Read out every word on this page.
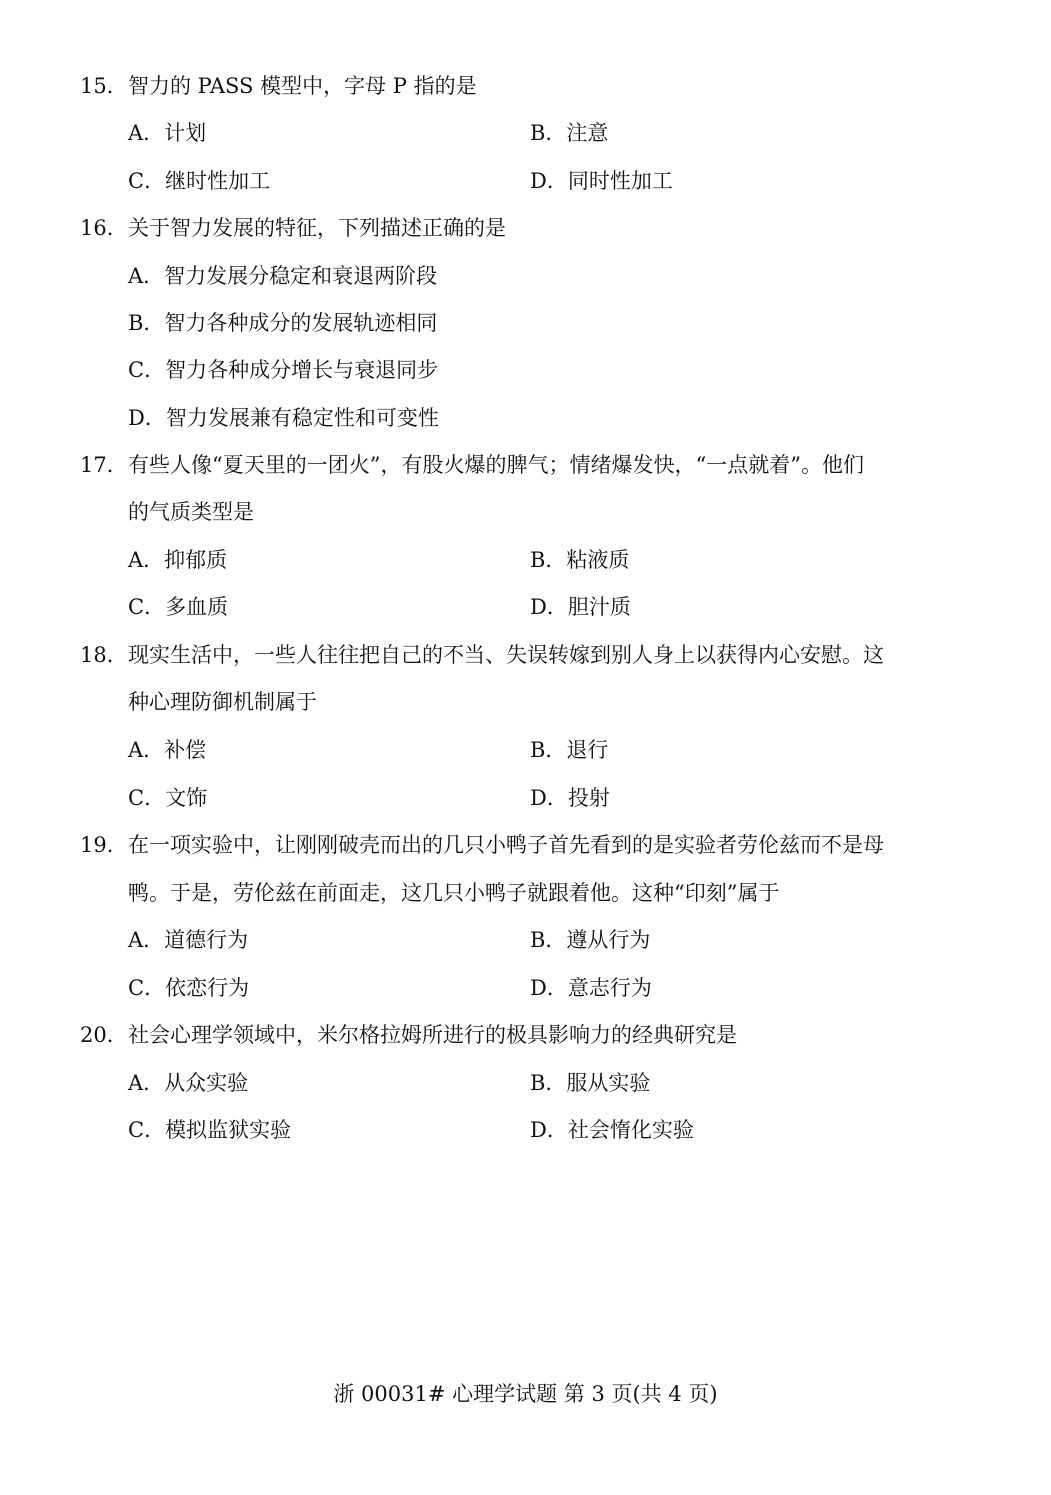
15． 智力的 PASS 模型中，字母 P 指的是
A．计划	B．注意
C．继时性加工	D．同时性加工
16． 关于智力发展的特征，下列描述正确的是
A．智力发展分稳定和衰退两阶段
B．智力各种成分的发展轨迹相同
C．智力各种成分增长与衰退同步
D．智力发展兼有稳定性和可变性
17． 有些人像“夏天里的一团火”，有股火爆的脾气；情绪爆发快，“一点就着”。他们
的气质类型是
A．抑郁质	B．粘液质
C．多血质	D．胆汁质
18． 现实生活中，一些人往往把自己的不当、失误转嫁到别人身上以获得内心安慰。这
种心理防御机制属于
A．补偿	B．退行
C．文饰	D．投射
19． 在一项实验中，让刚刚破壳而出的几只小鸭子首先看到的是实验者劳伦兹而不是母
鸭。于是，劳伦兹在前面走，这几只小鸭子就跟着他。这种“印刻”属于
A．道德行为	B．遵从行为
C．依恋行为	D．意志行为
20． 社会心理学领域中，米尔格拉姆所进行的极具影响力的经典研究是
A．从众实验	B．服从实验
C．模拟监狱实验	D．社会惰化实验
浙 00031# 心理学试题 第 3 页(共 4 页)
